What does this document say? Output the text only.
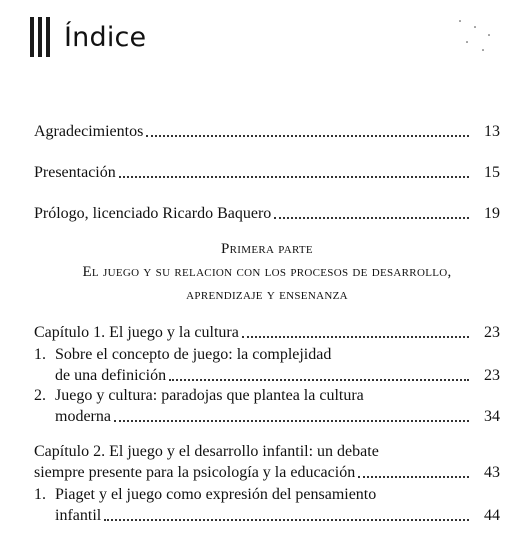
Índice
Agradecimientos	13
Presentación	15
Prólogo, licenciado Ricardo Baquero	19
Primera parte
El juego y su relacion con los procesos de desarrollo,
aprendizaje y ensenanza
Capítulo 1. El juego y la cultura	23
1. Sobre el concepto de juego: la complejidad
de una definición	23
2. Juego y cultura: paradojas que plantea la cultura
moderna	34
Capítulo 2. El juego y el desarrollo infantil: un debate
siempre presente para la psicología y la educación	43
1. Piaget y el juego como expresión del pensamiento
infantil	44
